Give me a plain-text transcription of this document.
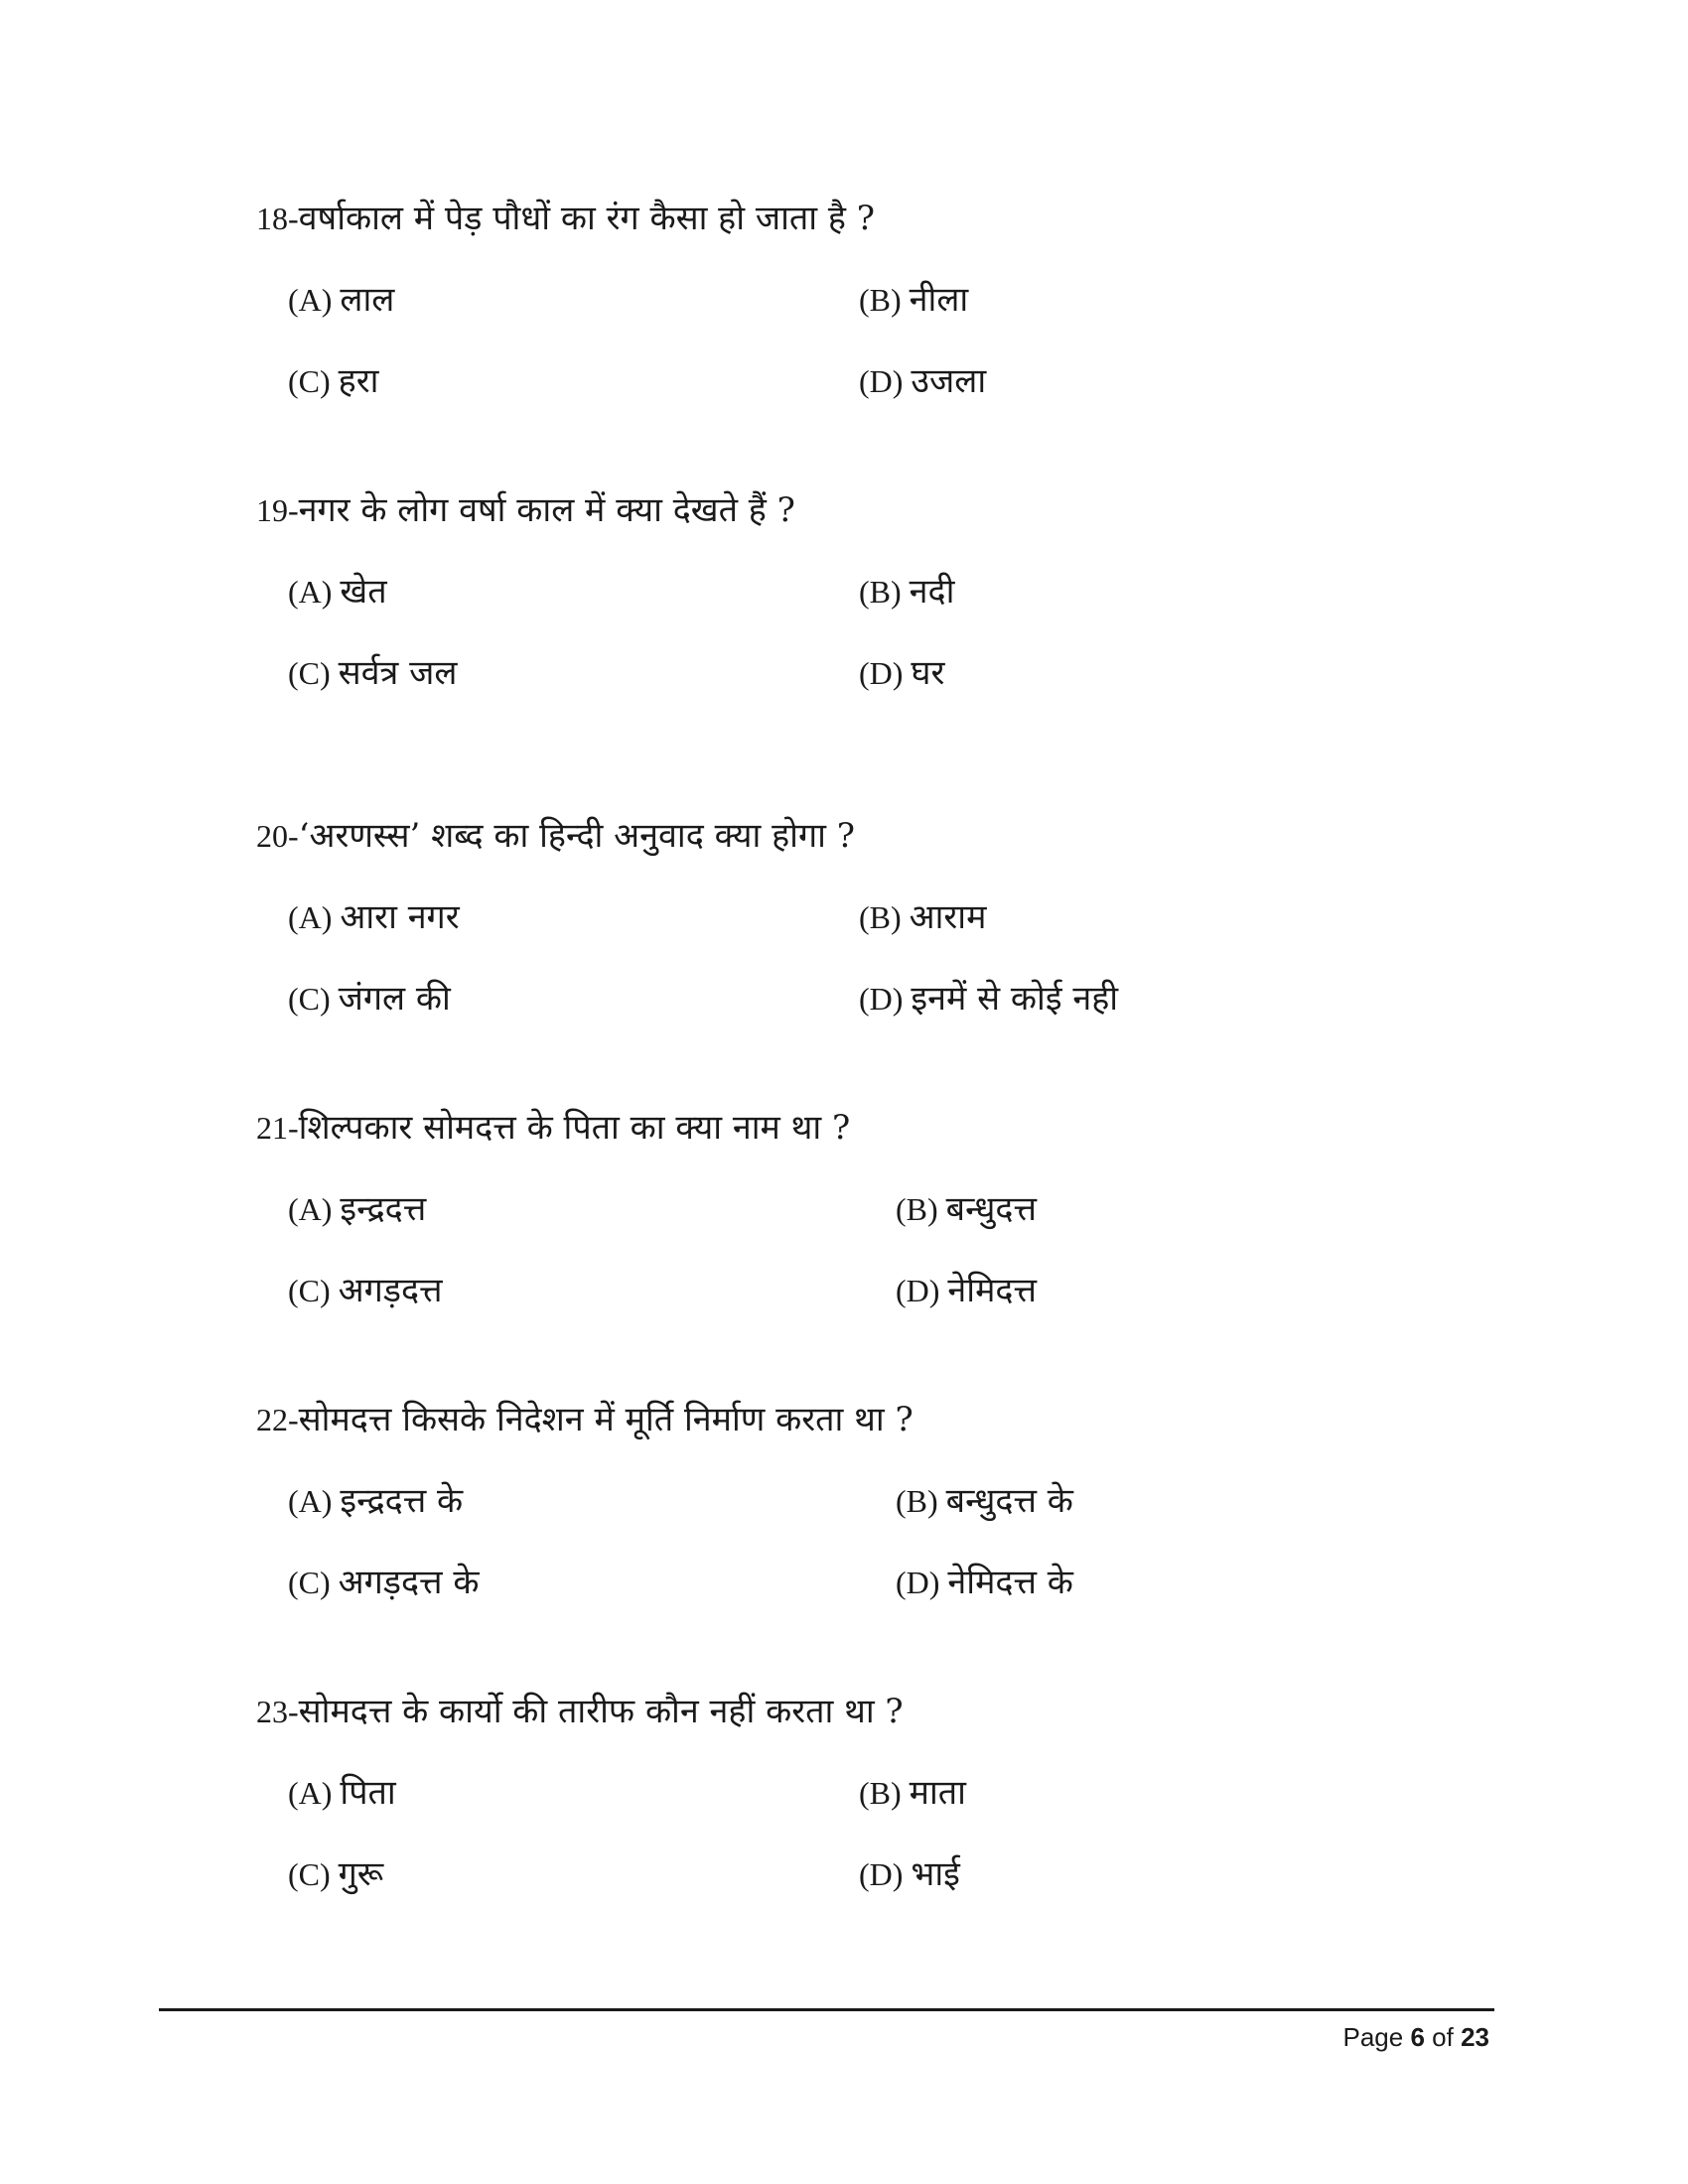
18-वर्षाकाल में पेड़ पौधों का रंग कैसा हो जाता है ?
(A) लाल	(B) नीला
(C) हरा	(D) उजला
19-नगर के लोग वर्षा काल में क्या देखते हैं ?
(A) खेत	(B) नदी
(C) सर्वत्र जल	(D) घर
20-‘अरणस्स’ शब्द का हिन्दी अनुवाद क्या होगा ?
(A) आरा नगर	(B) आराम
(C) जंगल की	(D) इनमें से कोई नही
21-शिल्पकार सोमदत्त के पिता का क्या नाम था ?
(A) इन्द्रदत्त	(B) बन्धुदत्त
(C) अगड़दत्त	(D) नेमिदत्त
22-सोमदत्त किसके निदेशन में मूर्ति निर्माण करता था ?
(A) इन्द्रदत्त के	(B) बन्धुदत्त के
(C) अगड़दत्त के	(D) नेमिदत्त के
23-सोमदत्त के कार्यो की तारीफ कौन नहीं करता था ?
(A) पिता	(B) माता
(C) गुरू	(D) भाई
Page 6 of 23
